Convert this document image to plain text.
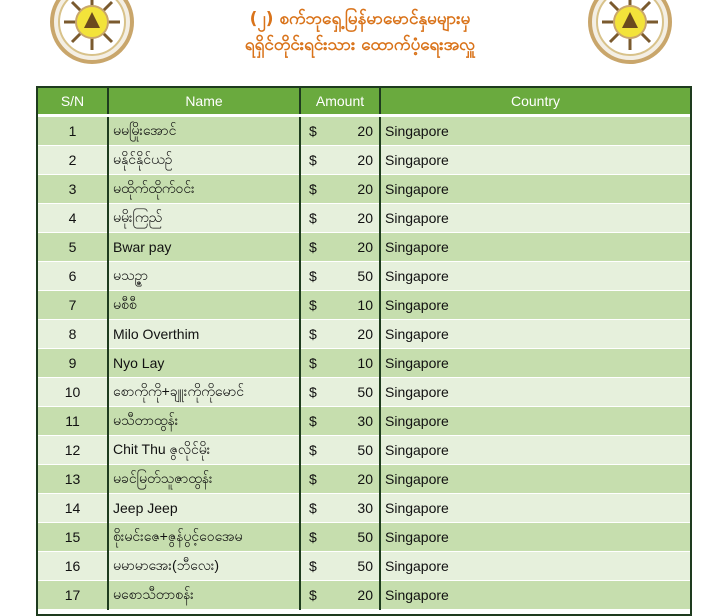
(၂) စက်ဘုရှေ့မြန်မာမောင်နှမများမှ
ရရှိင်တိုင်းရင်းသား ထောက်ပံ့ရေးအလှူ
S/N	Name	Amount	Country
1	မမမြိုးအောင်	$ 20	Singapore
2	မနိုင်နိုင်ယဉ်	$ 20	Singapore
3	မထိုက်ထိုက်ဝင်း	$ 20	Singapore
4	မမိုးကြည်	$ 20	Singapore
5	Bwar pay	$ 20	Singapore
6	မသဉ္ဇာ	$ 50	Singapore
7	မစီစီ	$ 10	Singapore
8	Milo Overthim	$ 20	Singapore
9	Nyo Lay	$ 10	Singapore
10	စောကိုကို+ချူးကိုကိုမောင်	$ 50	Singapore
11	မသီတာထွန်း	$ 30	Singapore
12	Chit Thu ဇွလိုင်မိုး	$ 50	Singapore
13	မခင်မြတ်သူဇာထွန်း	$ 20	Singapore
14	Jeep Jeep	$ 30	Singapore
15	စိုးမင်းဇေ+ဇွန်ပွင့်ဝေအေမ	$ 50	Singapore
16	မမာမာအေး(ဘီလေး)	$ 50	Singapore
17	မစောသီတာစန်း	$ 20	Singapore
